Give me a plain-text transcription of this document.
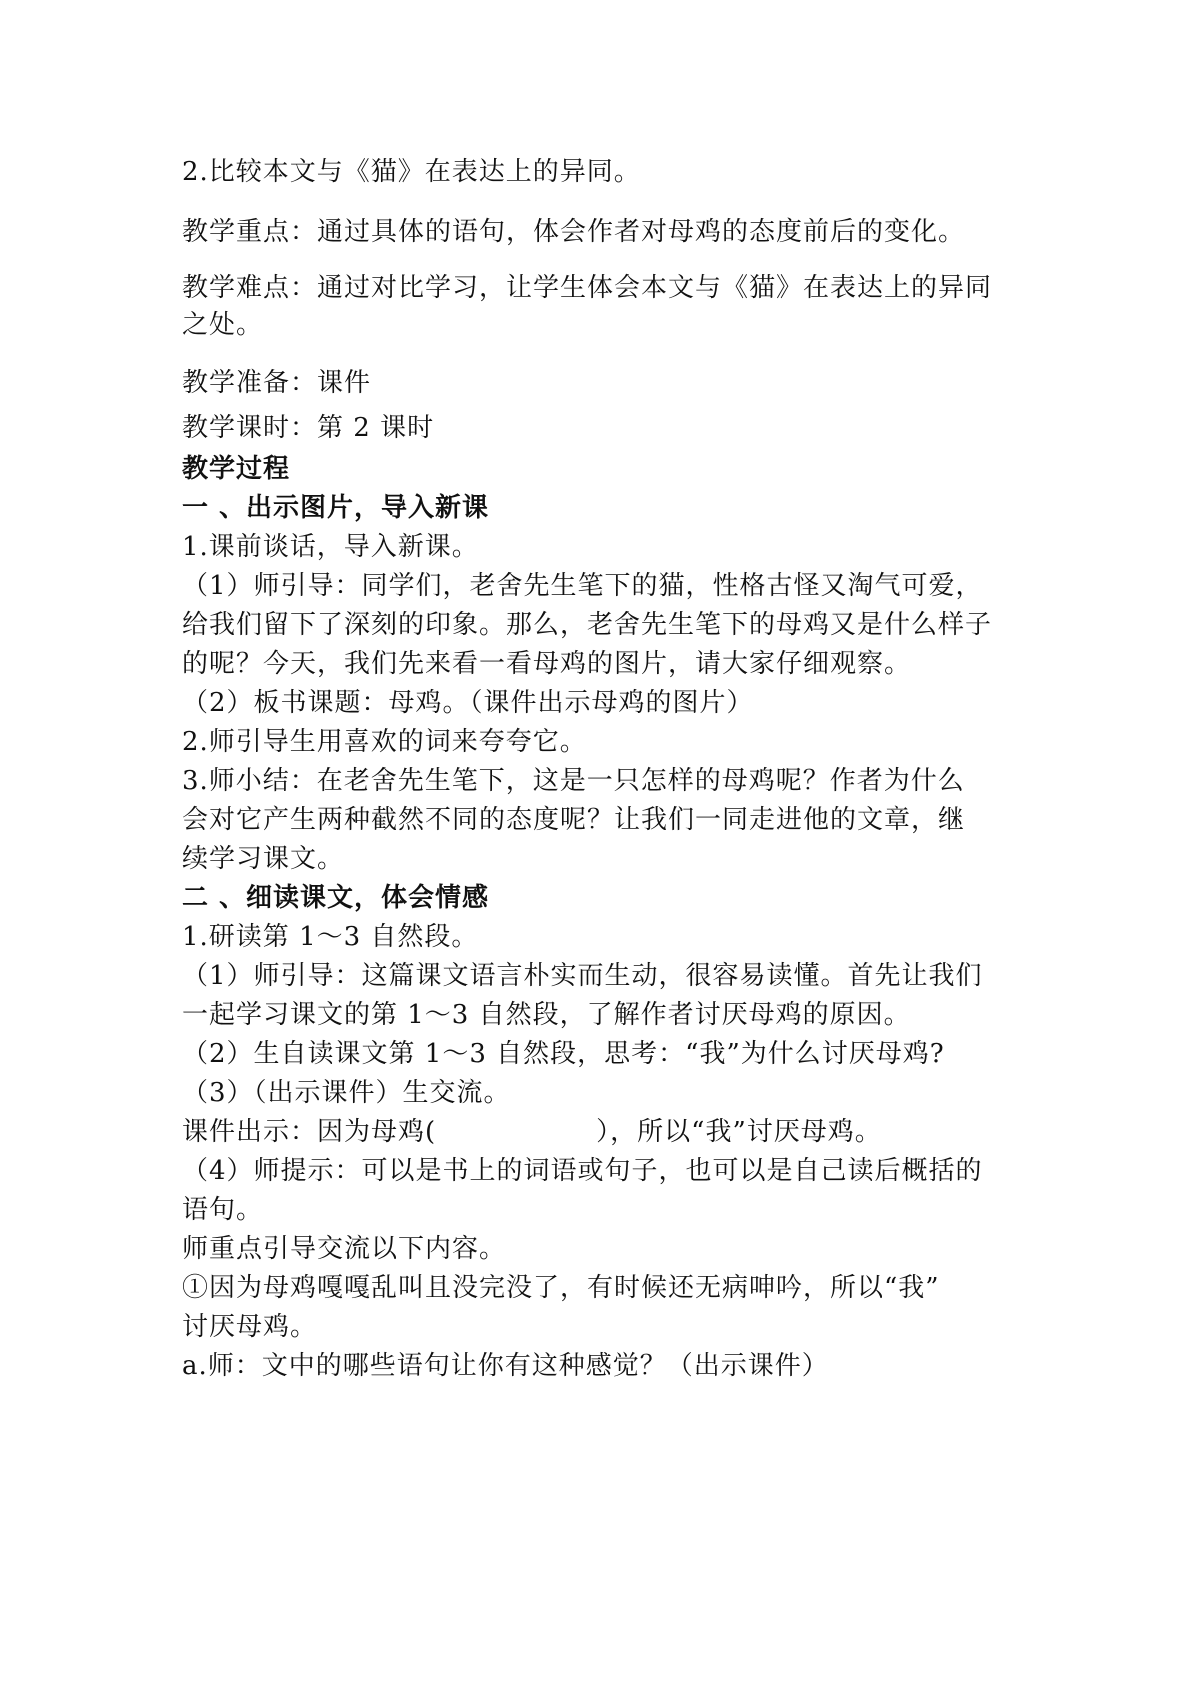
2.比较本文与《猫》在表达上的异同。
教学重点：通过具体的语句，体会作者对母鸡的态度前后的变化。
教学难点：通过对比学习，让学生体会本文与《猫》在表达上的异同
之处。
教学准备：课件
教学课时：第 2 课时
教学过程
一 、出示图片，导入新课
1.课前谈话，导入新课。
（1）师引导：同学们，老舍先生笔下的猫，性格古怪又淘气可爱，
给我们留下了深刻的印象。那么，老舍先生笔下的母鸡又是什么样子
的呢？今天，我们先来看一看母鸡的图片，请大家仔细观察。
（2）板书课题：母鸡。（课件出示母鸡的图片）
2.师引导生用喜欢的词来夸夸它。
3.师小结：在老舍先生笔下，这是一只怎样的母鸡呢？作者为什么
会对它产生两种截然不同的态度呢？让我们一同走进他的文章，继
续学习课文。
二 、细读课文，体会情感
1.研读第 1～3 自然段。
（1）师引导：这篇课文语言朴实而生动，很容易读懂。首先让我们
一起学习课文的第 1～3 自然段，了解作者讨厌母鸡的原因。
（2）生自读课文第 1～3 自然段，思考：“我”为什么讨厌母鸡?
（3）（出示课件）生交流。
课件出示：因为母鸡(	），所以“我”讨厌母鸡。
（4）师提示：可以是书上的词语或句子，也可以是自己读后概括的
语句。
师重点引导交流以下内容。
①因为母鸡嘎嘎乱叫且没完没了，有时候还无病呻吟，所以“我”
讨厌母鸡。
a.师：文中的哪些语句让你有这种感觉？（出示课件）
